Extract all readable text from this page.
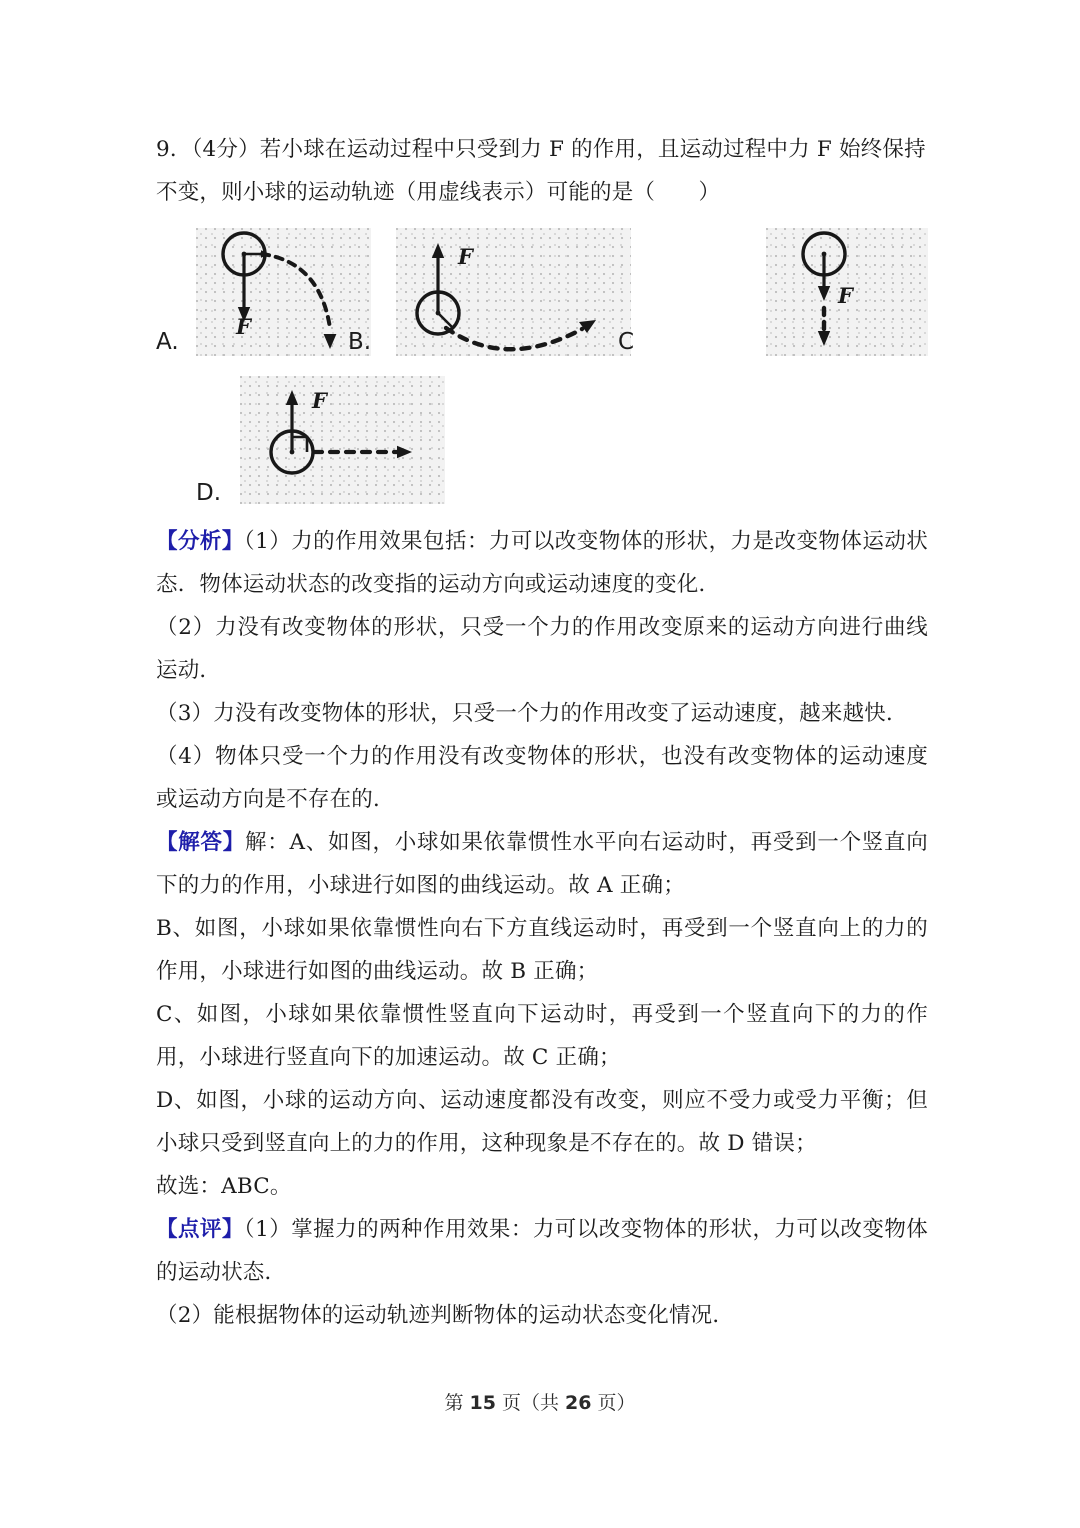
9．（4分）若小球在运动过程中只受到力 F 的作用，且运动过程中力 F 始终保持

不变，则小球的运动轨迹（用虚线表示）可能的是（　　）

A.
F
B.
F
C
F
D.
F

【分析】（1）力的作用效果包括：力可以改变物体的形状，力是改变物体运动状态．物体运动状态的改变指的运动方向或运动速度的变化．

（2）力没有改变物体的形状，只受一个力的作用改变原来的运动方向进行曲线运动．

（3）力没有改变物体的形状，只受一个力的作用改变了运动速度，越来越快．

（4）物体只受一个力的作用没有改变物体的形状，也没有改变物体的运动速度或运动方向是不存在的．

【解答】解：A、如图，小球如果依靠惯性水平向右运动时，再受到一个竖直向下的力的作用，小球进行如图的曲线运动。故 A 正确；

B、如图，小球如果依靠惯性向右下方直线运动时，再受到一个竖直向上的力的作用，小球进行如图的曲线运动。故 B 正确；

C、如图，小球如果依靠惯性竖直向下运动时，再受到一个竖直向下的力的作用，小球进行竖直向下的加速运动。故 C 正确；

D、如图，小球的运动方向、运动速度都没有改变，则应不受力或受力平衡；但小球只受到竖直向上的力的作用，这种现象是不存在的。故 D 错误；

故选：ABC。

【点评】（1）掌握力的两种作用效果：力可以改变物体的形状，力可以改变物体的运动状态．

（2）能根据物体的运动轨迹判断物体的运动状态变化情况．

第 15 页（共 26 页）
